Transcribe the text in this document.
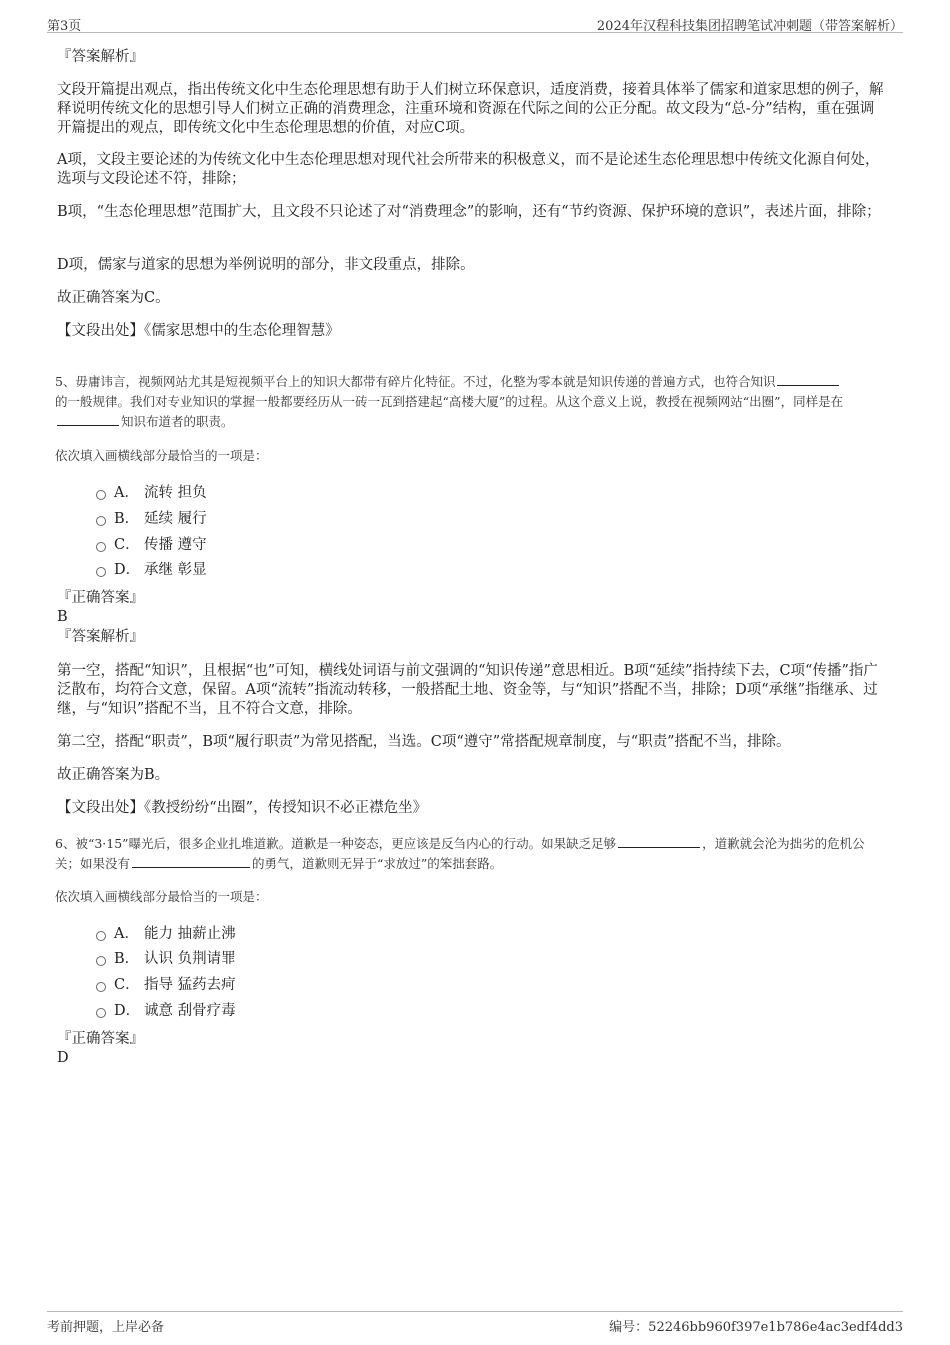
第3页	2024年汉程科技集团招聘笔试冲刺题（带答案解析）
『答案解析』
文段开篇提出观点，指出传统文化中生态伦理思想有助于人们树立环保意识，适度消费，接着具体举了儒家和道家思想的例子，解释说明传统文化的思想引导人们树立正确的消费理念，注重环境和资源在代际之间的公正分配。故文段为“总-分”结构，重在强调开篇提出的观点，即传统文化中生态伦理思想的价值，对应C项。
A项，文段主要论述的为传统文化中生态伦理思想对现代社会所带来的积极意义，而不是论述生态伦理思想中传统文化源自何处，选项与文段论述不符，排除；
B项，“生态伦理思想”范围扩大，且文段不只论述了对“消费理念”的影响，还有“节约资源、保护环境的意识”，表述片面，排除；
D项，儒家与道家的思想为举例说明的部分，非文段重点，排除。
故正确答案为C。
【文段出处】《儒家思想中的生态伦理智慧》
5、毋庸讳言，视频网站尤其是短视频平台上的知识大都带有碎片化特征。不过，化整为零本就是知识传递的普遍方式，也符合知识
的一般规律。我们对专业知识的掌握一般都要经历从一砖一瓦到搭建起“高楼大厦”的过程。从这个意义上说，教授在视频网站“出圈”，同样是在
知识布道者的职责。
依次填入画横线部分最恰当的一项是：
A． 流转 担负
B． 延续 履行
C． 传播 遵守
D． 承继 彰显
『正确答案』
B
『答案解析』
第一空，搭配“知识”，且根据“也”可知，横线处词语与前文强调的“知识传递”意思相近。B项“延续”指持续下去，C项“传播”指广泛散布，均符合文意，保留。A项“流转”指流动转移，一般搭配土地、资金等，与“知识”搭配不当，排除；D项“承继”指继承、过继，与“知识”搭配不当，且不符合文意，排除。
第二空，搭配“职责”，B项“履行职责”为常见搭配，当选。C项“遵守”常搭配规章制度，与“职责”搭配不当，排除。
故正确答案为B。
【文段出处】《教授纷纷“出圈”，传授知识不必正襟危坐》
6、被“3·15”曝光后，很多企业扎堆道歉。道歉是一种姿态，更应该是反刍内心的行动。如果缺乏足够	，道歉就会沦为拙劣的危机公
关；如果没有	的勇气，道歉则无异于“求放过”的笨拙套路。
依次填入画横线部分最恰当的一项是：
A． 能力 抽薪止沸
B． 认识 负荆请罪
C． 指导 猛药去疴
D． 诚意 刮骨疗毒
『正确答案』
D
考前押题，上岸必备	编号：52246bb960f397e1b786e4ac3edf4dd3
